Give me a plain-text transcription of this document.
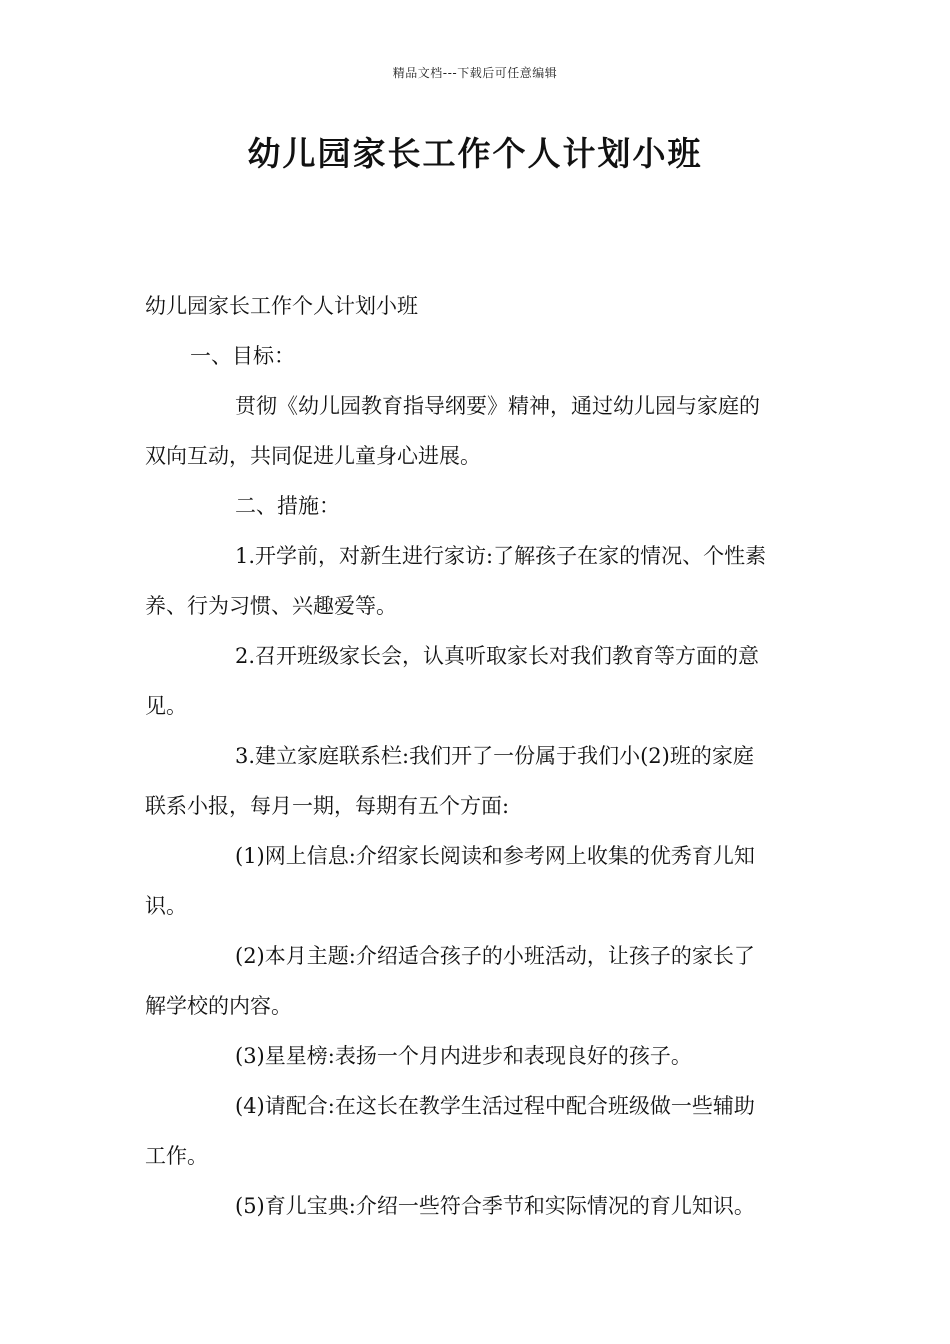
精品文档---下载后可任意编辑
幼儿园家长工作个人计划小班
幼儿园家长工作个人计划小班
一、目标：
贯彻《幼儿园教育指导纲要》精神，通过幼儿园与家庭的
双向互动，共同促进儿童身心进展。
二、措施：
1.开学前，对新生进行家访:了解孩子在家的情况、个性素
养、行为习惯、兴趣爱等。
2.召开班级家长会，认真听取家长对我们教育等方面的意
见。
3.建立家庭联系栏:我们开了一份属于我们小(2)班的家庭
联系小报，每月一期，每期有五个方面:
(1)网上信息:介绍家长阅读和参考网上收集的优秀育儿知
识。
(2)本月主题:介绍适合孩子的小班活动，让孩子的家长了
解学校的内容。
(3)星星榜:表扬一个月内进步和表现良好的孩子。
(4)请配合:在这长在教学生活过程中配合班级做一些辅助
工作。
(5)育儿宝典:介绍一些符合季节和实际情况的育儿知识。
